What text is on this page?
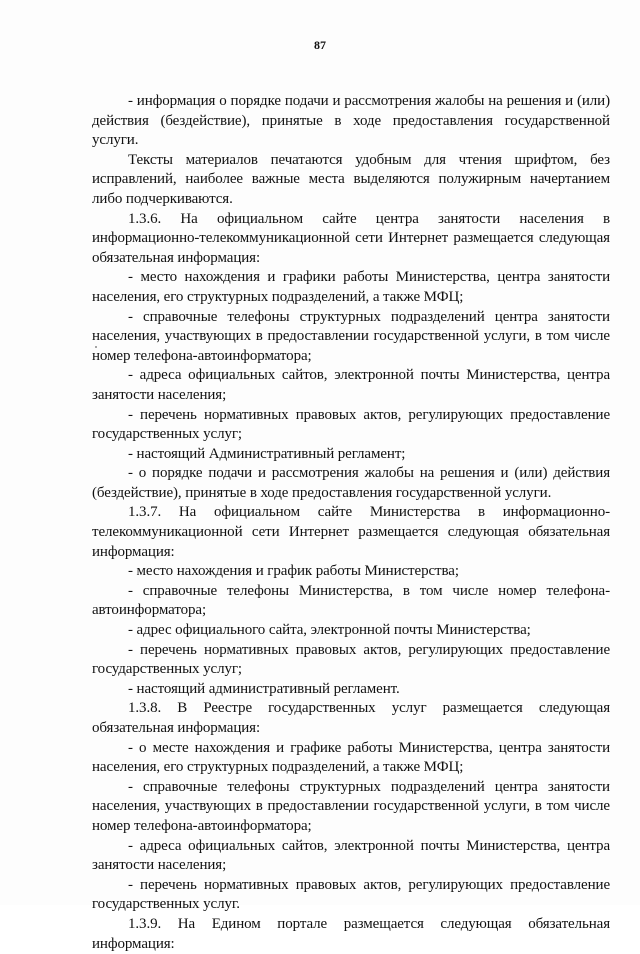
87

- информация о порядке подачи и рассмотрения жалобы на решения и (или) действия (бездействие), принятые в ходе предоставления государственной услуги.

Тексты материалов печатаются удобным для чтения шрифтом, без исправлений, наиболее важные места выделяются полужирным начертанием либо подчеркиваются.

1.3.6. На официальном сайте центра занятости населения в информационно-телекоммуникационной сети Интернет размещается следующая обязательная информация:

- место нахождения и графики работы Министерства, центра занятости населения, его структурных подразделений, а также МФЦ;

- справочные телефоны структурных подразделений центра занятости населения, участвующих в предоставлении государственной услуги, в том числе номер телефона-автоинформатора;

- адреса официальных сайтов, электронной почты Министерства, центра занятости населения;

- перечень нормативных правовых актов, регулирующих предоставление государственных услуг;

- настоящий Административный регламент;

- о порядке подачи и рассмотрения жалобы на решения и (или) действия (бездействие), принятые в ходе предоставления государственной услуги.

1.3.7. На официальном сайте Министерства в информационно-телекоммуникационной сети Интернет размещается следующая обязательная информация:

- место нахождения и график работы Министерства;

- справочные телефоны Министерства, в том числе номер телефона-автоинформатора;

- адрес официального сайта, электронной почты Министерства;

- перечень нормативных правовых актов, регулирующих предоставление государственных услуг;

- настоящий административный регламент.

1.3.8. В Реестре государственных услуг размещается следующая обязательная информация:

- о месте нахождения и графике работы Министерства, центра занятости населения, его структурных подразделений, а также МФЦ;

- справочные телефоны структурных подразделений центра занятости населения, участвующих в предоставлении государственной услуги, в том числе номер телефона-автоинформатора;

- адреса официальных сайтов, электронной почты Министерства, центра занятости населения;

- перечень нормативных правовых актов, регулирующих предоставление государственных услуг.

1.3.9. На Едином портале размещается следующая обязательная информация:
